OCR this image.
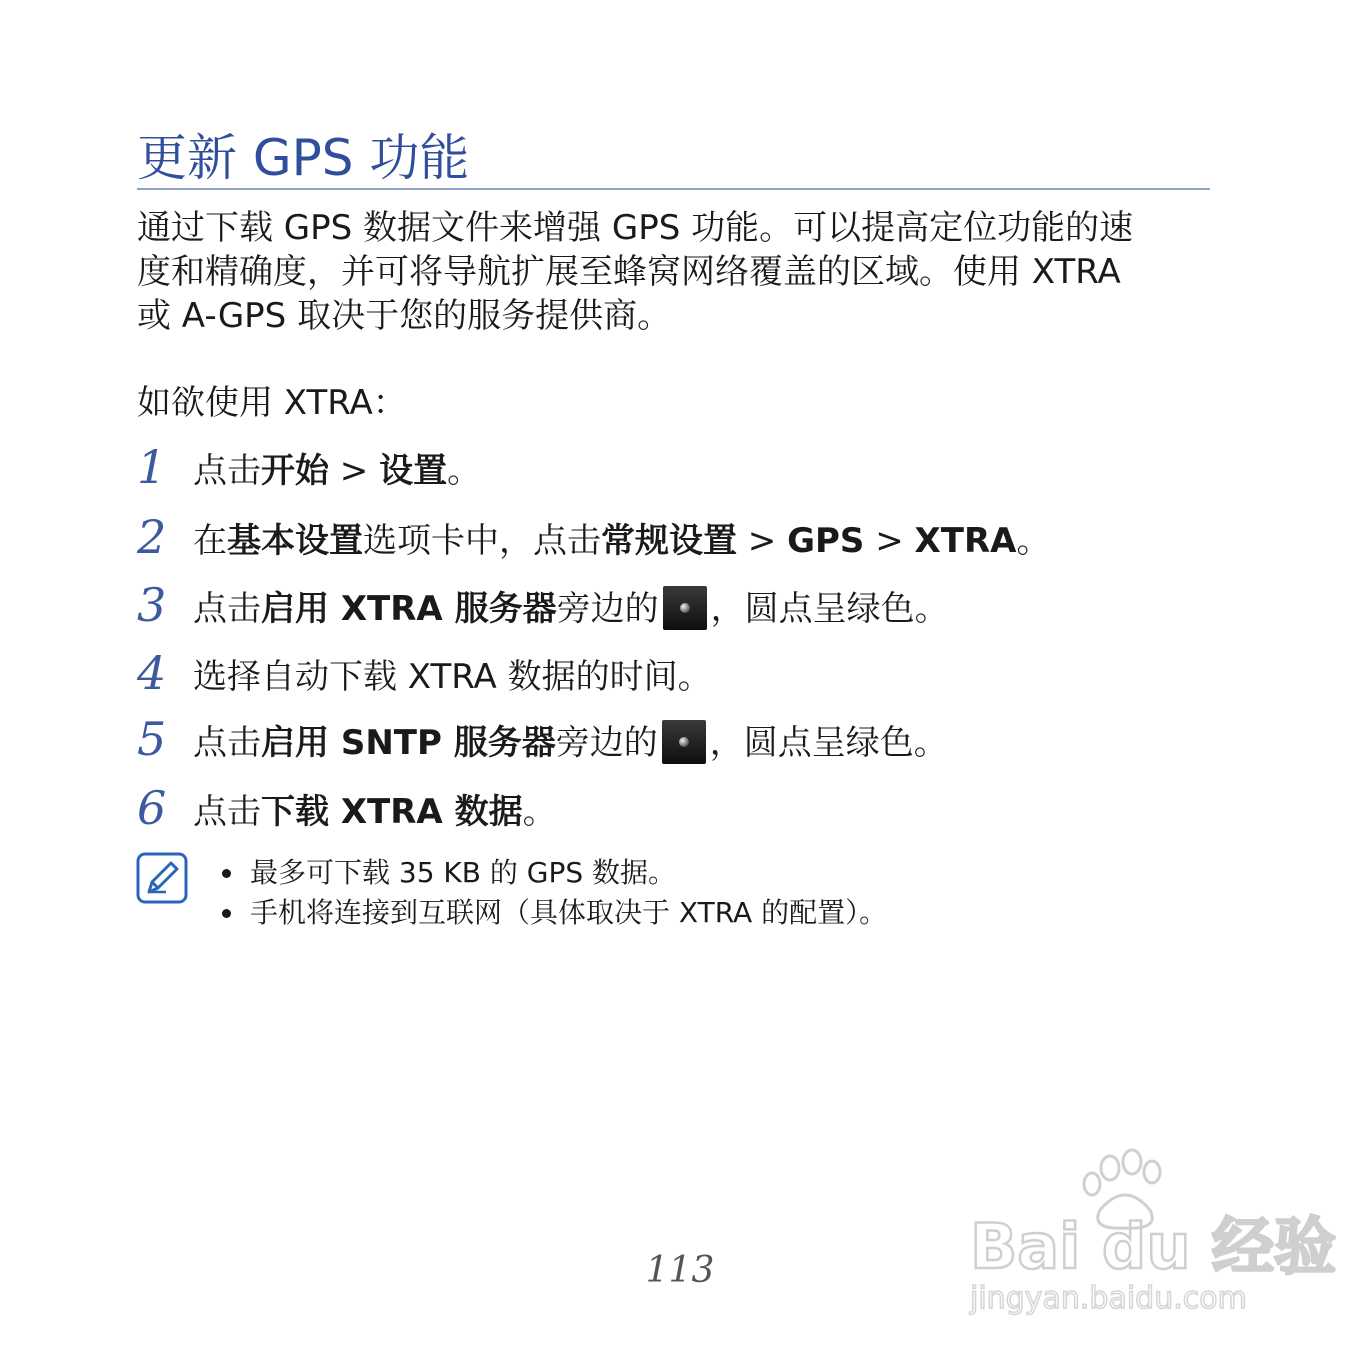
更新 GPS 功能

通过下载 GPS 数据文件来增强 GPS 功能。可以提高定位功能的速
度和精确度，并可将导航扩展至蜂窝网络覆盖的区域。使用 XTRA
或 A-GPS 取决于您的服务提供商。

如欲使用 XTRA：
1 点击开始 > 设置。
2 在基本设置选项卡中，点击常规设置 > GPS > XTRA。
3 点击启用 XTRA 服务器旁边的 ，圆点呈绿色。
4 选择自动下载 XTRA 数据的时间。
5 点击启用 SNTP 服务器旁边的 ，圆点呈绿色。
6 点击下载 XTRA 数据。
最多可下载 35 KB 的 GPS 数据。
手机将连接到互联网（具体取决于 XTRA 的配置）。
113	Bai du 经验
jingyan.baidu.com
